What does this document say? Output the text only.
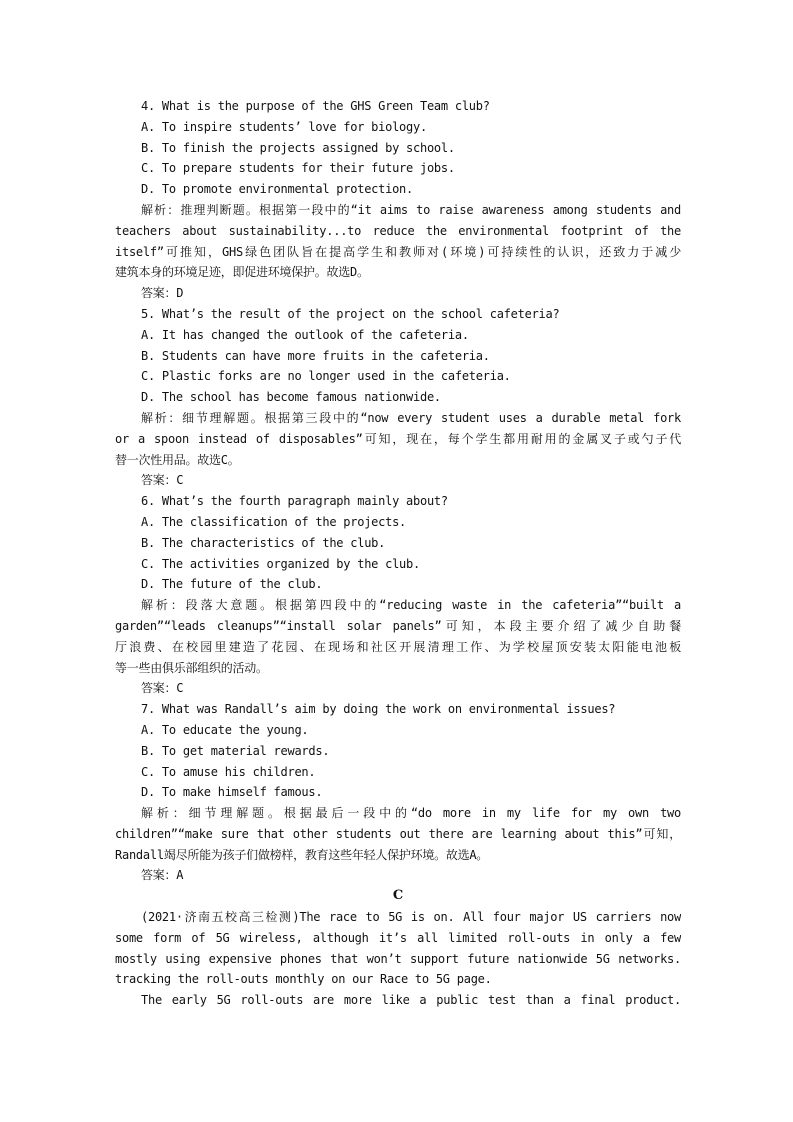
4. What is the purpose of the GHS Green Team club?
A. To inspire students’ love for biology.
B. To finish the projects assigned by school.
C. To prepare students for their future jobs.
D. To promote environmental protection.
解析：推理判断题。根据第一段中的“it aims to raise awareness among students and
teachers about sustainability...to reduce the environmental footprint of the
itself”可推知，GHS绿色团队旨在提高学生和教师对(环境)可持续性的认识，还致力于减少
建筑本身的环境足迹，即促进环境保护。故选D。
答案：D
5. What’s the result of the project on the school cafeteria?
A. It has changed the outlook of the cafeteria.
B. Students can have more fruits in the cafeteria.
C. Plastic forks are no longer used in the cafeteria.
D. The school has become famous nationwide.
解析：细节理解题。根据第三段中的“now every student uses a durable metal fork
or a spoon instead of disposables”可知，现在，每个学生都用耐用的金属叉子或勺子代
替一次性用品。故选C。
答案：C
6. What’s the fourth paragraph mainly about?
A. The classification of the projects.
B. The characteristics of the club.
C. The activities organized by the club.
D. The future of the club.
解析：段落大意题。根据第四段中的“reducing waste in the cafeteria”“built a
garden”“leads cleanups”“install solar panels”可知，本段主要介绍了减少自助餐
厅浪费、在校园里建造了花园、在现场和社区开展清理工作、为学校屋顶安装太阳能电池板
等一些由俱乐部组织的活动。
答案：C
7. What was Randall’s aim by doing the work on environmental issues?
A. To educate the young.
B. To get material rewards.
C. To amuse his children.
D. To make himself famous.
解析：细节理解题。根据最后一段中的“do more in my life for my own two
children”“make sure that other students out there are learning about this”可知，
Randall竭尽所能为孩子们做榜样，教育这些年轻人保护环境。故选A。
答案：A
C
(2021·济南五校高三检测)The race to 5G is on. All four major US carriers now
some form of 5G wireless, although it’s all limited roll-outs in only a few
mostly using expensive phones that won’t support future nationwide 5G networks.
tracking the roll-outs monthly on our Race to 5G page.
The early 5G roll-outs are more like a public test than a final product.
